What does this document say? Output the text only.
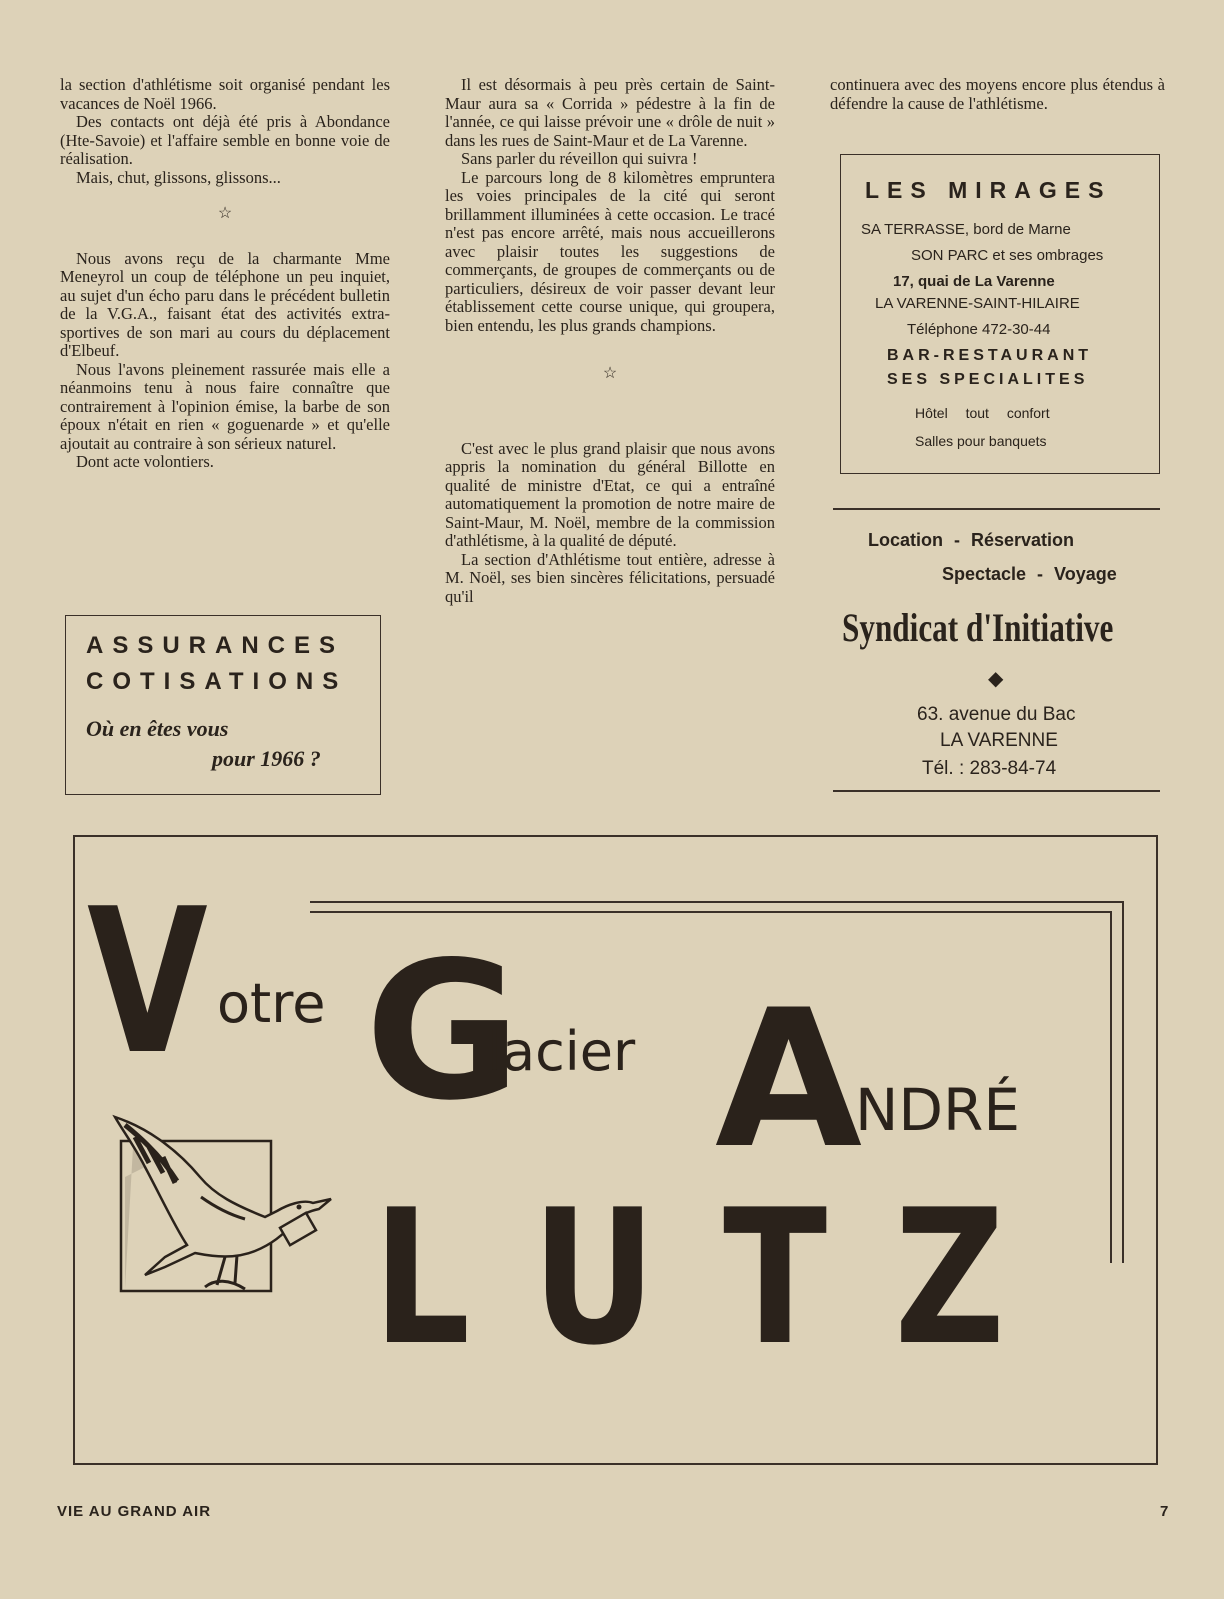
la section d'athlétisme soit organisé pendant les vacances de Noël 1966.

Des contacts ont déjà été pris à Abondance (Hte-Savoie) et l'affaire semble en bonne voie de réalisation.

Mais, chut, glissons, glissons...

☆

Nous avons reçu de la charmante Mme Meneyrol un coup de téléphone un peu inquiet, au sujet d'un écho paru dans le précédent bulletin de la V.G.A., faisant état des activités extra-sportives de son mari au cours du déplacement d'Elbeuf.

Nous l'avons pleinement rassurée mais elle a néanmoins tenu à nous faire connaître que contrairement à l'opinion émise, la barbe de son époux n'était en rien « goguenarde » et qu'elle ajoutait au contraire à son sérieux naturel.

Dont acte volontiers.

Il est désormais à peu près certain de Saint-Maur aura sa « Corrida » pédestre à la fin de l'année, ce qui laisse prévoir une « drôle de nuit » dans les rues de Saint-Maur et de La Varenne.

Sans parler du réveillon qui suivra !

Le parcours long de 8 kilomètres empruntera les voies principales de la cité qui seront brillamment illuminées à cette occasion. Le tracé n'est pas encore arrêté, mais nous accueillerons avec plaisir toutes les suggestions de commerçants, de groupes de commerçants ou de particuliers, désireux de voir passer devant leur établissement cette course unique, qui groupera, bien entendu, les plus grands champions.

☆

C'est avec le plus grand plaisir que nous avons appris la nomination du général Billotte en qualité de ministre d'Etat, ce qui a entraîné automatiquement la promotion de notre maire de Saint-Maur, M. Noël, membre de la commission d'athlétisme, à la qualité de député.

La section d'Athlétisme tout entière, adresse à M. Noël, ses bien sincères félicitations, persuadé qu'il

continuera avec des moyens encore plus étendus à défendre la cause de l'athlétisme.

ASSURANCES
COTISATIONS
Où en êtes vous
pour 1966 ?
LES MIRAGES
SA TERRASSE, bord de Marne
SON PARC et ses ombrages
17, quai de La Varenne
LA VARENNE-SAINT-HILAIRE
Téléphone 472-30-44
BAR-RESTAURANT
SES SPECIALITES
Hôtel tout confort
Salles pour banquets
Location - Réservation
Spectacle - Voyage
Syndicat d'Initiative
◆
63. avenue du Bac
LA VARENNE
Tél. : 283-84-74
V otre G
lacier A
NDRÉ
LUTZ
VIE AU GRAND AIR	7
